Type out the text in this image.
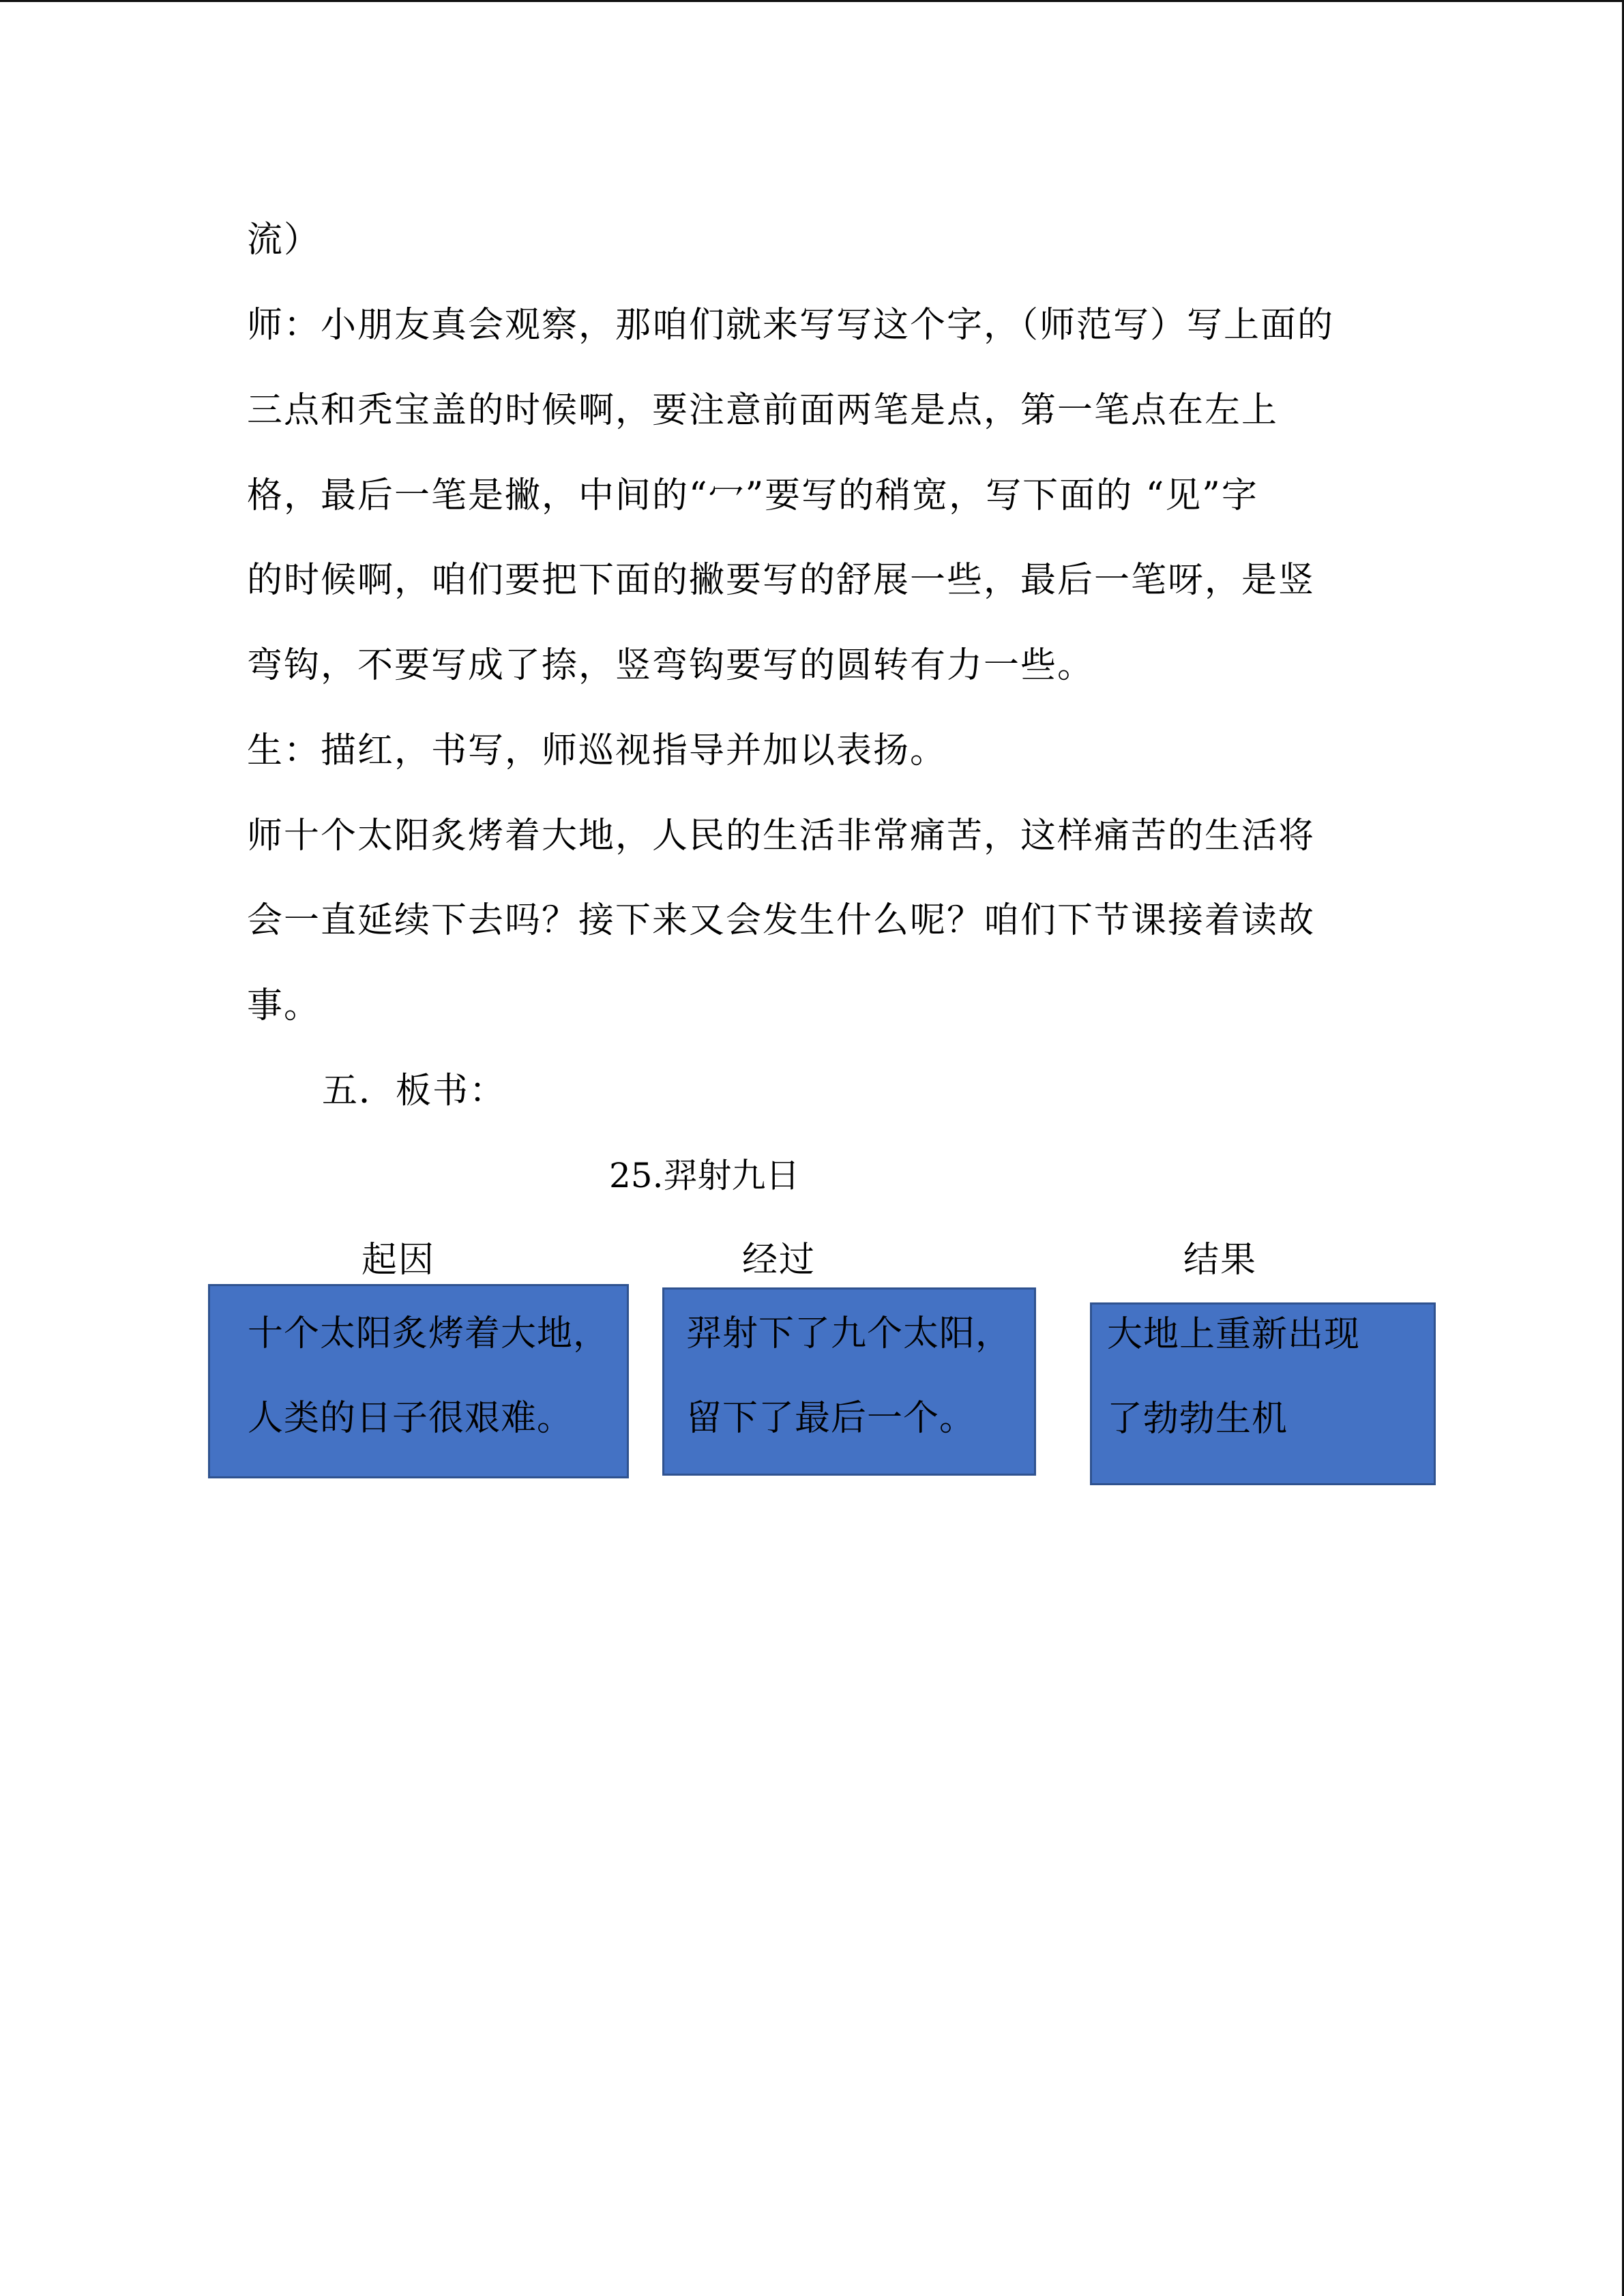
流）
师：小朋友真会观察，那咱们就来写写这个字，（师范写）写上面的
三点和秃宝盖的时候啊，要注意前面两笔是点，第一笔点在左上
格，最后一笔是撇，中间的“冖”要写的稍宽，写下面的 “见”字
的时候啊，咱们要把下面的撇要写的舒展一些，最后一笔呀，是竖
弯钩，不要写成了捺，竖弯钩要写的圆转有力一些。
生：描红，书写，师巡视指导并加以表扬。
师十个太阳炙烤着大地，人民的生活非常痛苦，这样痛苦的生活将
会一直延续下去吗？接下来又会发生什么呢？咱们下节课接着读故
事。
五．板书：
25.羿射九日
起因	经过	结果
十个太阳炙烤着大地，
人类的日子很艰难。
羿射下了九个太阳，
留下了最后一个。
大地上重新出现
了勃勃生机
